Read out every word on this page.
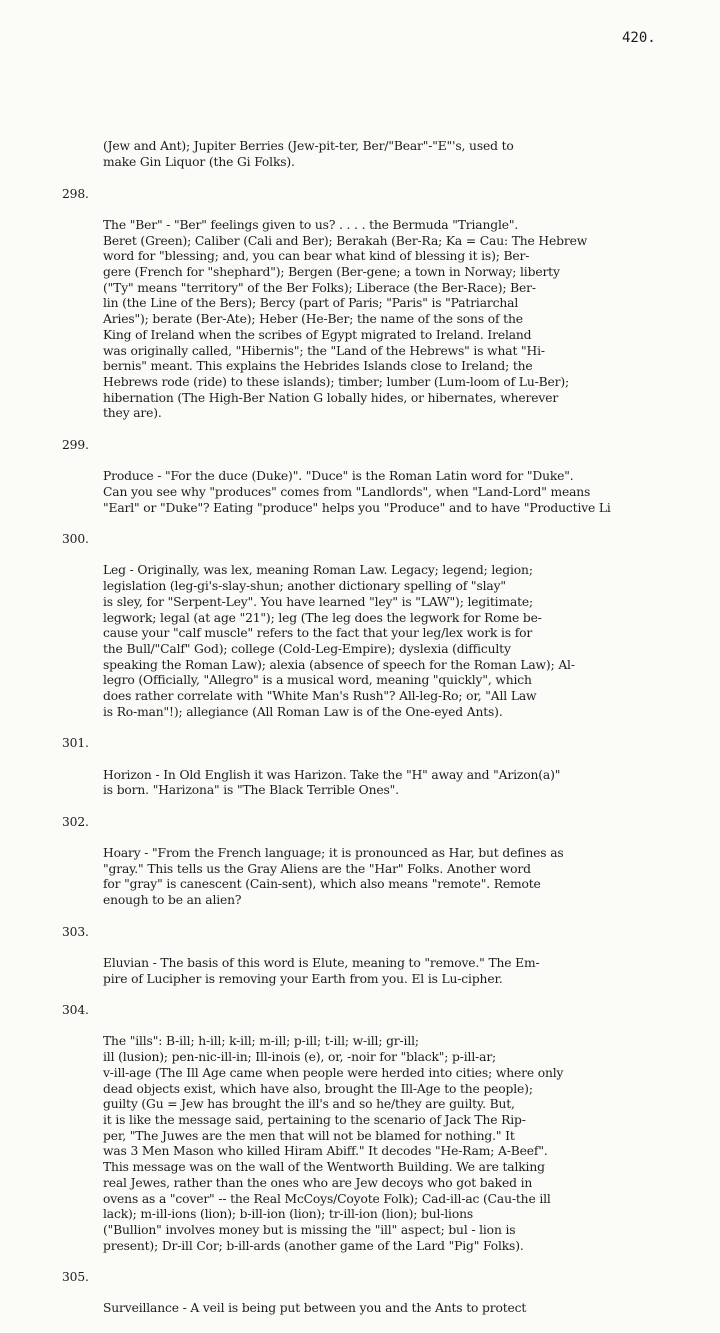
420.

(Jew and Ant); Jupiter Berries (Jew-pit-ter, Ber/"Bear"-"E"'s, used to
make Gin Liquor (the Gi Folks).

298.

The "Ber" - "Ber" feelings given to us? . . . . the Bermuda "Triangle".
Beret (Green); Caliber (Cali and Ber); Berakah (Ber-Ra; Ka = Cau: The Hebrew
word for "blessing; and, you can bear what kind of blessing it is); Ber-
gere (French for "shephard"); Bergen (Ber-gene; a town in Norway; liberty
("Ty" means "territory" of the Ber Folks); Liberace (the Ber-Race); Ber-
lin (the Line of the Bers); Bercy (part of Paris; "Paris" is "Patriarchal
Aries"); berate (Ber-Ate); Heber (He-Ber; the name of the sons of the
King of Ireland when the scribes of Egypt migrated to Ireland. Ireland
was originally called, "Hibernis"; the "Land of the Hebrews" is what "Hi-
bernis" meant. This explains the Hebrides Islands close to Ireland; the
Hebrews rode (ride) to these islands); timber; lumber (Lum-loom of Lu-Ber);
hibernation (The High-Ber Nation G lobally hides, or hibernates, wherever
they are).

299.

Produce - "For the duce (Duke)". "Duce" is the Roman Latin word for "Duke".
Can you see why "produces" comes from "Landlords", when "Land-Lord" means
"Earl" or "Duke"? Eating "produce" helps you "Produce" and to have "Productive Li

300.

Leg - Originally, was lex, meaning Roman Law. Legacy; legend; legion;
legislation (leg-gi's-slay-shun; another dictionary spelling of "slay"
is sley, for "Serpent-Ley". You have learned "ley" is "LAW"); legitimate;
legwork; legal (at age "21"); leg (The leg does the legwork for Rome be-
cause your "calf muscle" refers to the fact that your leg/lex work is for
the Bull/"Calf" God); college (Cold-Leg-Empire); dyslexia (difficulty
speaking the Roman Law); alexia (absence of speech for the Roman Law); Al-
legro (Officially, "Allegro" is a musical word, meaning "quickly", which
does rather correlate with "White Man's Rush"? All-leg-Ro; or, "All Law
is Ro-man"!); allegiance (All Roman Law is of the One-eyed Ants).

301.

Horizon - In Old English it was Harizon. Take the "H" away and "Arizon(a)"
is born. "Harizona" is "The Black Terrible Ones".

302.

Hoary - "From the French language; it is pronounced as Har, but defines as
"gray." This tells us the Gray Aliens are the "Har" Folks. Another word
for "gray" is canescent (Cain-sent), which also means "remote". Remote
enough to be an alien?

303.

Eluvian - The basis of this word is Elute, meaning to "remove." The Em-
pire of Lucipher is removing your Earth from you. El is Lu-cipher.

304.

The "ills": B-ill; h-ill; k-ill; m-ill; p-ill; t-ill; w-ill; gr-ill;
ill (lusion); pen-nic-ill-in; Ill-inois (e), or, -noir for "black"; p-ill-ar;
v-ill-age (The Ill Age came when people were herded into cities; where only
dead objects exist, which have also, brought the Ill-Age to the people);
guilty (Gu = Jew has brought the ill's and so he/they are guilty. But,
it is like the message said, pertaining to the scenario of Jack The Rip-
per, "The Juwes are the men that will not be blamed for nothing." It
was 3 Men Mason who killed Hiram Abiff." It decodes "He-Ram; A-Beef".
This message was on the wall of the Wentworth Building. We are talking
real Jewes, rather than the ones who are Jew decoys who got baked in
ovens as a "cover" -- the Real McCoys/Coyote Folk); Cad-ill-ac (Cau-the ill
lack); m-ill-ions (lion); b-ill-ion (lion); tr-ill-ion (lion); bul-lions
("Bullion" involves money but is missing the "ill" aspect; bul - lion is
present); Dr-ill Cor; b-ill-ards (another game of the Lard "Pig" Folks).

305.

Surveillance - A veil is being put between you and the Ants to protect
